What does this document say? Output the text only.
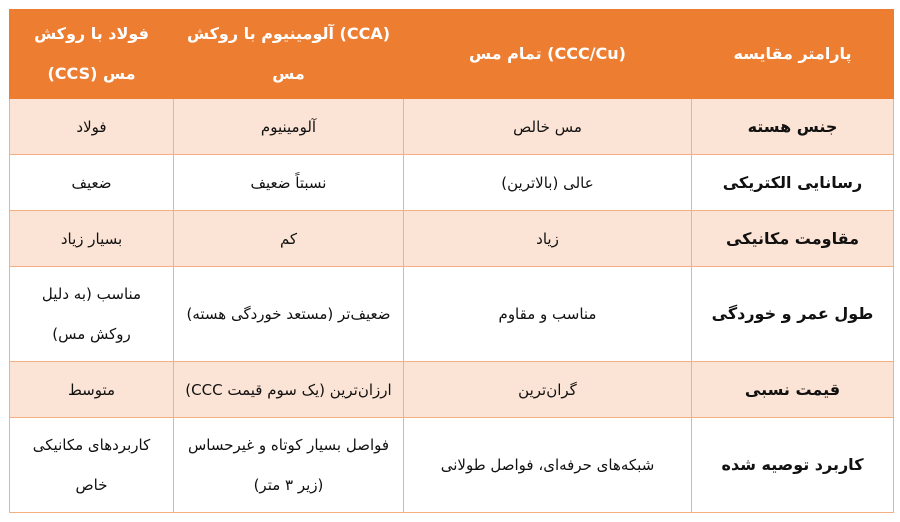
پارامتر مقایسه	(CCC/Cu) تمام مس	(CCA) آلومینیوم با روکش مس	فولاد با روکش مس (CCS)
جنس هسته	مس خالص	آلومینیوم	فولاد
رسانایی الکتریکی	عالی (بالاترین)	نسبتاً ضعیف	ضعیف
مقاومت مکانیکی	زیاد	کم	بسیار زیاد
طول عمر و خوردگی	مناسب و مقاوم	ضعیف‌تر (مستعد خوردگی هسته)	مناسب (به دلیل روکش مس)
قیمت نسبی	گران‌ترین	ارزان‌ترین (یک سوم قیمت CCC)	متوسط
کاربرد توصیه شده	شبکه‌های حرفه‌ای، فواصل طولانی	فواصل بسیار کوتاه و غیرحساس (زیر ۳ متر)	کاربردهای مکانیکی خاص
